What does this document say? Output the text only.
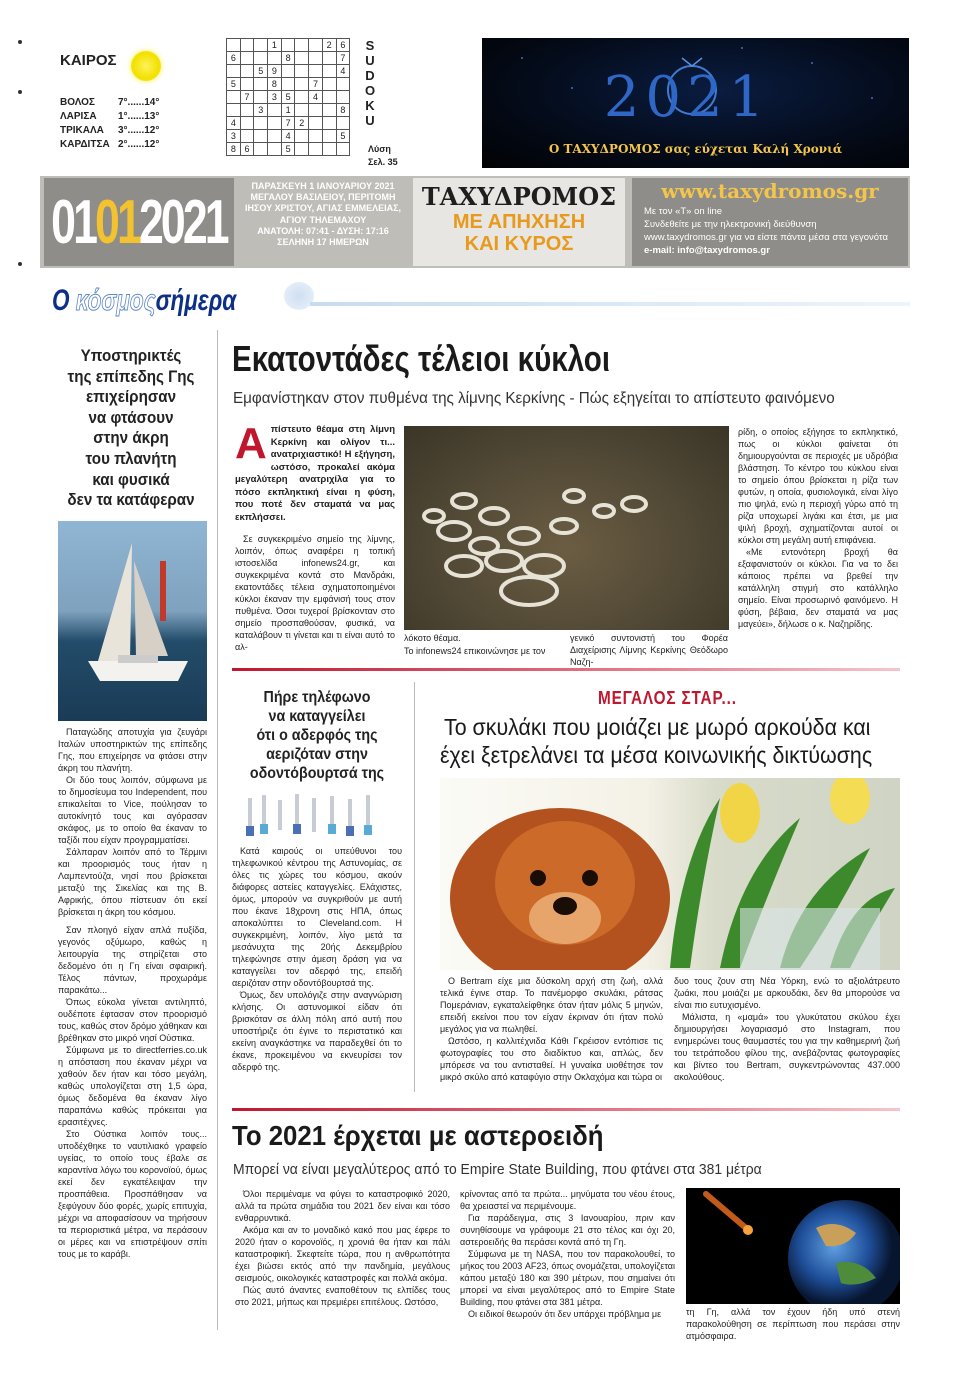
ΚΑΙΡΟΣ
ΒΟΛΟΣ	7°......14°
ΛΑΡΙΣΑ	1°......13°
ΤΡΙΚΑΛΑ	3°......12°
ΚΑΡΔΙΤΣΑ 2°......12°
			1				2	6
6				8				7
		5	9					4
5			8			7		
	7		3	5		4		
		3		1				8
4				7	2			
3				4				5
8	6			5				
SUDOKU
Λύση
Σελ. 35
2021
Ο ΤΑΧΥΔΡΟΜΟΣ σας εύχεται Καλή Χρονιά
01012021
ΠΑΡΑΣΚΕΥΗ 1 ΙΑΝΟΥΑΡΙΟΥ 2021
ΜΕΓΑΛΟΥ ΒΑΣΙΛΕΙΟΥ, ΠΕΡΙΤΟΜΗ
ΙΗΣΟΥ ΧΡΙΣΤΟΥ, ΑΓΙΑΣ ΕΜΜΕΛΕΙΑΣ,
ΑΓΙΟΥ ΤΗΛΕΜΑΧΟΥ
ΑΝΑΤΟΛΗ: 07:41 - ΔΥΣΗ: 17:16
ΣΕΛΗΝΗ 17 ΗΜΕΡΩΝ
ΤΑΧΥΔΡΟΜΟΣ
ΜΕ ΑΠΗΧΗΣΗ
ΚΑΙ ΚΥΡΟΣ
www.taxydromos.gr
Με τον «Τ» on line
Συνδεθείτε με την ηλεκτρονική διεύθυνση
www.taxydromos.gr για να είστε πάντα μέσα στα γεγονότα
e-mail: info@taxydromos.gr
Ο κόσμοςσήμερα
Υποστηρικτές
της επίπεδης Γης
επιχείρησαν
να φτάσουν
στην άκρη
του πλανήτη
και φυσικά
δεν τα κατάφεραν

Παταγώδης αποτυχία για ζευγάρι Ιταλών υποστηρικτών της επίπεδης Γης, που επιχείρησε να φτάσει στην άκρη του πλανήτη.

Οι δύο τους λοιπόν, σύμφωνα με το δημοσίευμα του Independent, που επικαλείται το Vice, πούλησαν το αυτοκίνητό τους και αγόρασαν σκάφος, με το οποίο θα έκαναν το ταξίδι που είχαν προγραμματίσει.

Σάλπαραν λοιπόν από το Τέρμινι και προορισμός τους ήταν η Λαμπεντούζα, νησί που βρίσκεται μεταξύ της Σικελίας και της Β. Αφρικής, όπου πίστευαν ότι εκεί βρίσκεται η άκρη του κόσμου.

Σαν πλοηγό είχαν απλά πυξίδα, γεγονός οξύμωρο, καθώς η λειτουργία της στηρίζεται στο δεδομένο ότι η Γη είναι σφαιρική. Τέλος πάντων, προχωράμε παρακάτω...

Όπως εύκολα γίνεται αντιληπτό, ουδέποτε έφτασαν στον προορισμό τους, καθώς στον δρόμο χάθηκαν και βρέθηκαν στο μικρό νησί Ούστικα.

Σύμφωνα με το directferries.co.uk η απόσταση που έκαναν μέχρι να χαθούν δεν ήταν και τόσο μεγάλη, καθώς υπολογίζεται στη 1,5 ώρα, όμως δεδομένα θα έκαναν λίγο παραπάνω καθώς πρόκειται για ερασιτέχνες.

Στο Ούστικα λοιπόν τους... υποδέχθηκε το ναυτιλιακό γραφείο υγείας, το οποίο τους έβαλε σε καραντίνα λόγω του κορονοϊού, όμως εκεί δεν εγκατέλειψαν την προσπάθεια. Προσπάθησαν να ξεφύγουν δύο φορές, χωρίς επιτυχία, μέχρι να αποφασίσουν να τηρήσουν τα περιοριστικά μέτρα, να περάσουν οι μέρες και να επιστρέψουν σπίτι τους με το καράβι.

Εκατοντάδες τέλειοι κύκλοι
Εμφανίστηκαν στον πυθμένα της λίμνης Κερκίνης - Πώς εξηγείται το απίστευτο φαινόμενο
Α πίστευτο θέαμα στη λίμνη Κερκίνη και ολίγον τι... ανατριχιαστικό! Η εξήγηση, ωστόσο, προκαλεί ακόμα μεγαλύτερη ανατριχίλα για το πόσο εκπληκτική είναι η φύση, που ποτέ δεν σταματά να μας εκπλήσσει.
Σε συγκεκριμένο σημείο της λίμνης, λοιπόν, όπως αναφέρει η τοπική ιστοσελίδα infonews24.gr, και συγκεκριμένα κοντά στο Μανδράκι, εκατοντάδες τέλεια σχηματοποιημένοι κύκλοι έκαναν την εμφάνισή τους στον πυθμένα. Όσοι τυχεροί βρίσκονταν στο σημείο προσπαθούσαν, φυσικά, να καταλάβουν τι γίνεται και τι είναι αυτό το αλ-
λόκοτο θέαμα.
Το infonews24 επικοινώνησε με τον
γενικό συντονιστή του Φορέα Διαχείρισης Λίμνης Κερκίνης Θεόδωρο Ναζη-

ρίδη, ο οποίος εξήγησε το εκπληκτικό, πως οι κύκλοι φαίνεται ότι δημιουργούνται σε περιοχές με υδρόβια βλάστηση. Το κέντρο του κύκλου είναι το σημείο όπου βρίσκεται η ρίζα των φυτών, η οποία, φυσιολογικά, είναι λίγο πιο ψηλά, ενώ η περιοχή γύρω από τη ρίζα υποχωρεί λιγάκι και έτσι, με μια ψιλή βροχή, σχηματίζονται αυτοί οι κύκλοι στη μεγάλη αυτή επιφάνεια.

«Με εντονότερη βροχή θα εξαφανιστούν οι κύκλοι. Για να το δει κάποιος πρέπει να βρεθεί την κατάλληλη στιγμή στο κατάλληλο σημείο. Είναι προσωρινό φαινόμενο. Η φύση, βέβαια, δεν σταματά να μας μαγεύει», δήλωσε ο κ. Ναζηρίδης.

Πήρε τηλέφωνο
να καταγγείλει
ότι ο αδερφός της
αεριζόταν στην
οδοντόβουρτσά της

Κατά καιρούς οι υπεύθυνοι του τηλεφωνικού κέντρου της Αστυνομίας, σε όλες τις χώρες του κόσμου, ακούν διάφορες αστείες καταγγελίες. Ελάχιστες, όμως, μπορούν να συγκριθούν με αυτή που έκανε 18χρονη στις ΗΠΑ, όπως αποκαλύπτει το Cleveland.com. Η συγκεκριμένη, λοιπόν, λίγο μετά τα μεσάνυχτα της 20ής Δεκεμβρίου τηλεφώνησε στην άμεση δράση για να καταγγείλει τον αδερφό της, επειδή αεριζόταν στην οδοντόβουρτσά της.

Όμως, δεν υπολόγιζε στην αναγνώριση κλήσης. Οι αστυνομικοί είδαν ότι βρισκόταν σε άλλη πόλη από αυτή που υποστήριζε ότι έγινε το περιστατικό και εκείνη αναγκάστηκε να παραδεχθεί ότι το έκανε, προκειμένου να εκνευρίσει τον αδερφό της.

ΜΕΓΑΛΟΣ ΣΤΑΡ...
Το σκυλάκι που μοιάζει με μωρό αρκούδα και
έχει ξετρελάνει τα μέσα κοινωνικής δικτύωσης

Ο Bertram είχε μια δύσκολη αρχή στη ζωή, αλλά τελικά έγινε σταρ. Το πανέμορφο σκυλάκι, ράτσας Πομεράνιαν, εγκαταλείφθηκε όταν ήταν μόλις 5 μηνών, επειδή εκείνοι που τον είχαν έκριναν ότι ήταν πολύ μεγάλος για να πωληθεί.

Ωστόσο, η καλλιτέχνιδα Κάθι Γκρέισον εντόπισε τις φωτογραφίες του στο διαδίκτυο και, απλώς, δεν μπόρεσε να του αντισταθεί. Η γυναίκα υιοθέτησε τον μικρό σκύλο από καταφύγιο στην Οκλαχόμα και τώρα οι

δυο τους ζουν στη Νέα Υόρκη, ενώ το αξιολάτρευτο ζωάκι, που μοιάζει με αρκουδάκι, δεν θα μπορούσε να είναι πιο ευτυχισμένο.

Μάλιστα, η «μαμά» του γλυκύτατου σκύλου έχει δημιουργήσει λογαριασμό στο Instagram, που ενημερώνει τους θαυμαστές του για την καθημερινή ζωή του τετράποδου φίλου της, ανεβάζοντας φωτογραφίες και βίντεο του Bertram, συγκεντρώνοντας 437.000 ακολούθους.

Το 2021 έρχεται με αστεροειδή
Μπορεί να είναι μεγαλύτερος από το Empire State Building, που φτάνει στα 381 μέτρα

Όλοι περιμέναμε να φύγει το καταστροφικό 2020, αλλά τα πρώτα σημάδια του 2021 δεν είναι και τόσο ενθαρρυντικά.

Ακόμα και αν το μοναδικό κακό που μας έφερε το 2020 ήταν ο κορονοϊός, η χρονιά θα ήταν και πάλι καταστροφική. Σκεφτείτε τώρα, που η ανθρωπότητα έχει βιώσει εκτός από την πανδημία, μεγάλους σεισμούς, οικολογικές καταστροφές και πολλά ακόμα.

Πώς αυτό άναντες εναποθέτουν τις ελπίδες τους στο 2021, μήπως και πρεμιέρει επιτέλους. Ωστόσο,

κρίνοντας από τα πρώτα... μηνύματα του νέου έτους, θα χρειαστεί να περιμένουμε.

Για παράδειγμα, στις 3 Ιανουαρίου, πριν καν συνηθίσουμε να γράφουμε 21 στο τέλος και όχι 20, αστεροειδής θα περάσει κοντά από τη Γη.

Σύμφωνα με τη NASA, που τον παρακολουθεί, το μήκος του 2003 AF23, όπως ονομάζεται, υπολογίζεται κάπου μεταξύ 180 και 390 μέτρων, που σημαίνει ότι μπορεί να είναι μεγαλύτερος από το Empire State Building, που φτάνει στα 381 μέτρα.

Οι ειδικοί θεωρούν ότι δεν υπάρχει πρόβλημα με	τη Γη, αλλά τον έχουν ήδη υπό στενή παρακολούθηση σε περίπτωση που περάσει στην ατμόσφαιρα.
